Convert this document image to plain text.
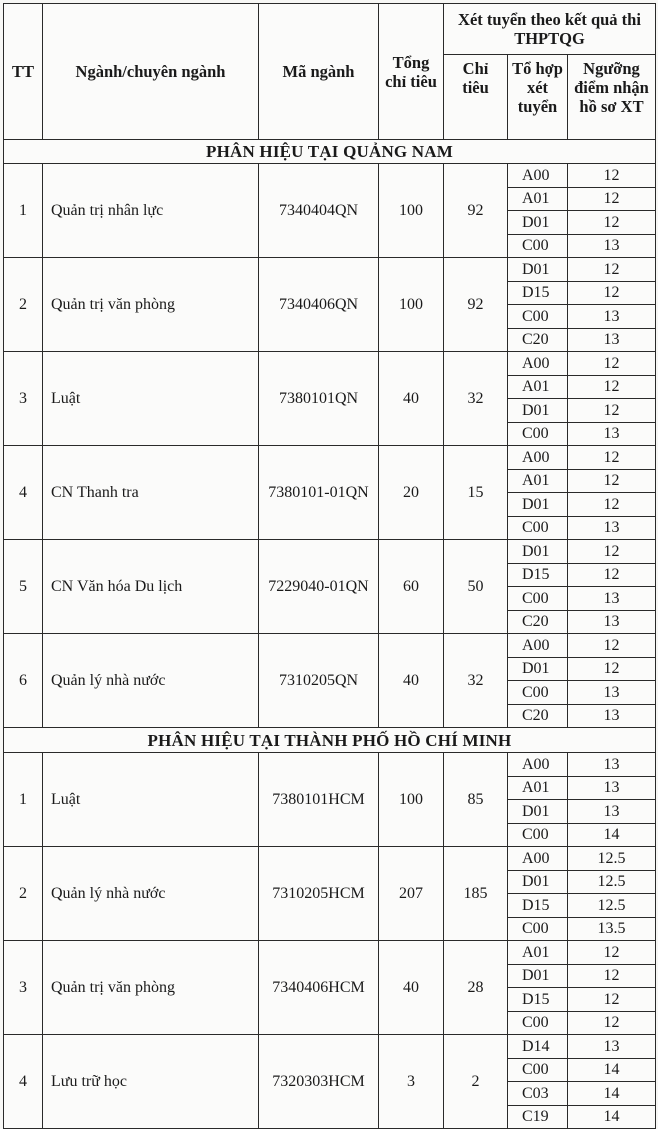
TT	Ngành/chuyên ngành	Mã ngành	Tổng chỉ tiêu	Xét tuyển theo kết quả thi THPTQG		
				Chỉ tiêu	Tổ hợp xét tuyển	Ngưỡng điểm nhận hồ sơ XT
PHÂN HIỆU TẠI QUẢNG NAM						
1	Quản trị nhân lực	7340404QN	100	92	A00	12
					A01	12
					D01	12
					C00	13
2	Quản trị văn phòng	7340406QN	100	92	D01	12
					D15	12
					C00	13
					C20	13
3	Luật	7380101QN	40	32	A00	12
					A01	12
					D01	12
					C00	13
4	CN Thanh tra	7380101-01QN	20	15	A00	12
					A01	12
					D01	12
					C00	13
5	CN Văn hóa Du lịch	7229040-01QN	60	50	D01	12
					D15	12
					C00	13
					C20	13
6	Quản lý nhà nước	7310205QN	40	32	A00	12
					D01	12
					C00	13
					C20	13
PHÂN HIỆU TẠI THÀNH PHỐ HỒ CHÍ MINH						
1	Luật	7380101HCM	100	85	A00	13
					A01	13
					D01	13
					C00	14
2	Quản lý nhà nước	7310205HCM	207	185	A00	12.5
					D01	12.5
					D15	12.5
					C00	13.5
3	Quản trị văn phòng	7340406HCM	40	28	A01	12
					D01	12
					D15	12
					C00	12
4	Lưu trữ học	7320303HCM	3	2	D14	13
					C00	14
					C03	14
					C19	14
